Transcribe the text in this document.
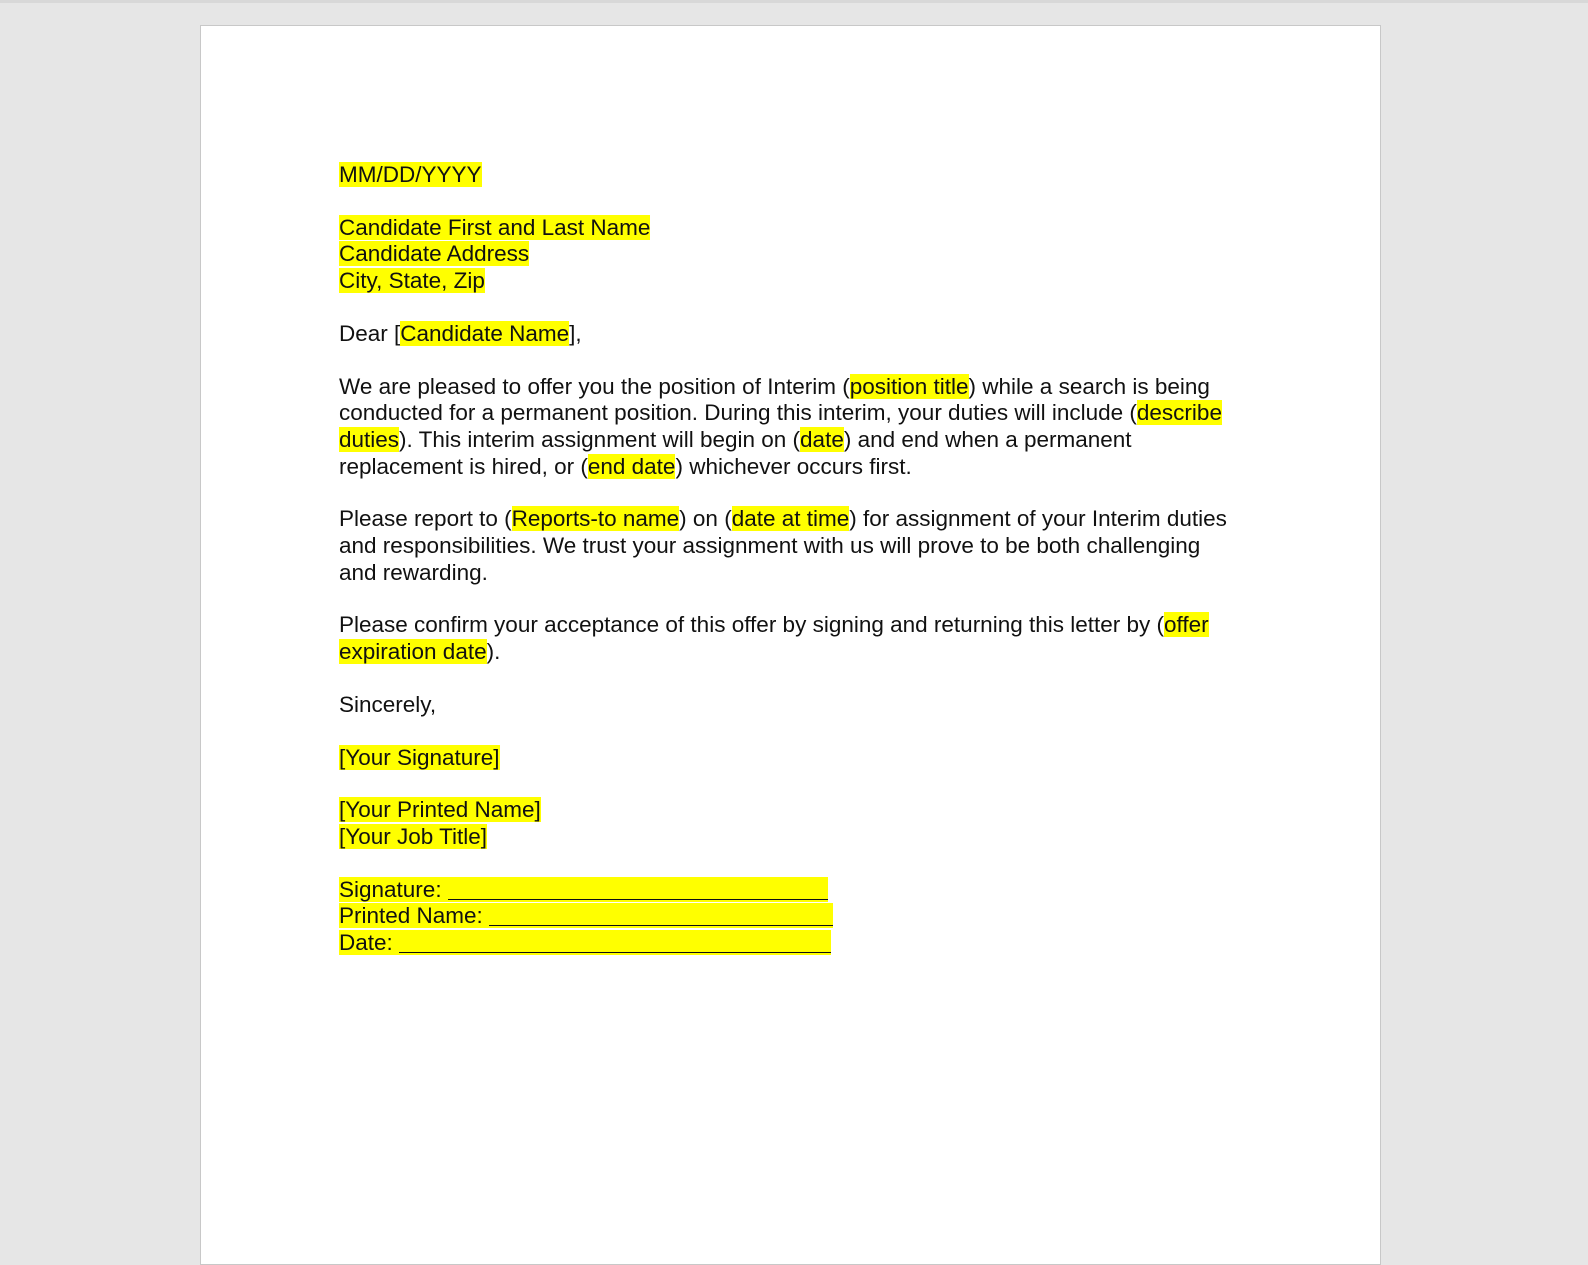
MM/DD/YYYY

Candidate First and Last Name
Candidate Address
City, State, Zip

Dear [Candidate Name],

We are pleased to offer you the position of Interim (position title) while a search is being conducted for a permanent position. During this interim, your duties will include (describe duties). This interim assignment will begin on (date) and end when a permanent replacement is hired, or (end date) whichever occurs first.

Please report to (Reports-to name) on (date at time) for assignment of your Interim duties and responsibilities. We trust your assignment with us will prove to be both challenging and rewarding.

Please confirm your acceptance of this offer by signing and returning this letter by (offer expiration date).

Sincerely,

[Your Signature]

[Your Printed Name]
[Your Job Title]

Signature:
Printed Name:
Date:
